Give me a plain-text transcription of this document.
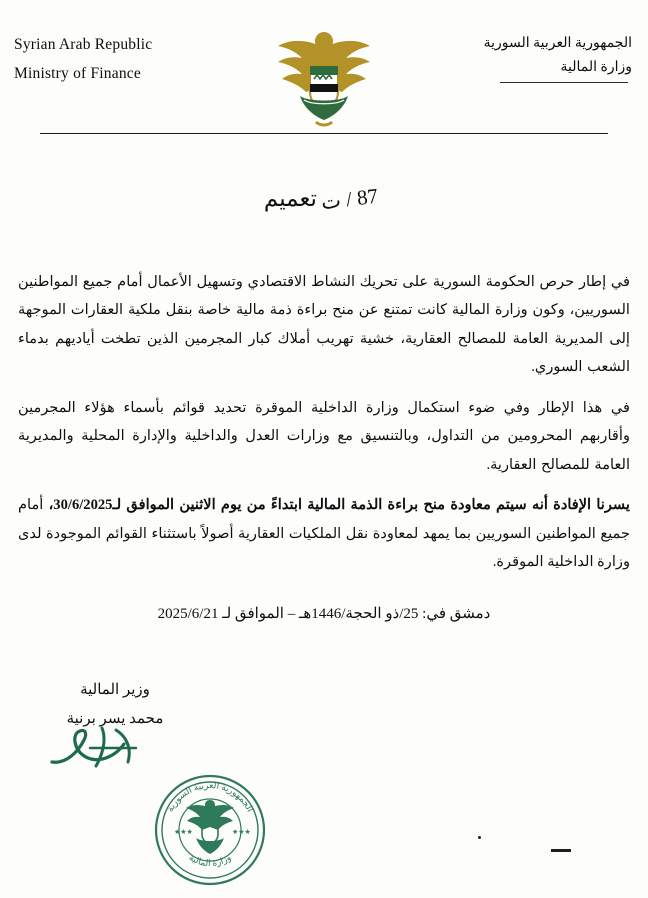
Syrian Arab Republic
Ministry of Finance
الجمهورية العربية السورية
وزارة المالية
87 / ت تعميم

في إطار حرص الحكومة السورية على تحريك النشاط الاقتصادي وتسهيل الأعمال أمام جميع المواطنين السوريين، وكون وزارة المالية كانت تمتنع عن منح براءة ذمة مالية خاصة بنقل ملكية العقارات الموجهة إلى المديرية العامة للمصالح العقارية، خشية تهريب أملاك كبار المجرمين الذين تطخت أياديهم بدماء الشعب السوري.

في هذا الإطار وفي ضوء استكمال وزارة الداخلية الموقرة تحديد قوائم بأسماء هؤلاء المجرمين وأقاربهم المحرومين من التداول، وبالتنسيق مع وزارات العدل والداخلية والإدارة المحلية والمديرية العامة للمصالح العقارية.

يسرنا الإفادة أنه سيتم معاودة منح براءة الذمة المالية ابتداءً من يوم الاثنين الموافق لـ30/6/2025، أمام جميع المواطنين السوريين بما يمهد لمعاودة نقل الملكيات العقارية أصولاً باستثناء القوائم الموجودة لدى وزارة الداخلية الموقرة.

دمشق في: 25/ذو الحجة/1446هـ – الموافق لـ 2025/6/21
وزير المالية
محمد يسر برنية
الجمهورية العربية السورية
وزارة المالية
★★★	★★★
